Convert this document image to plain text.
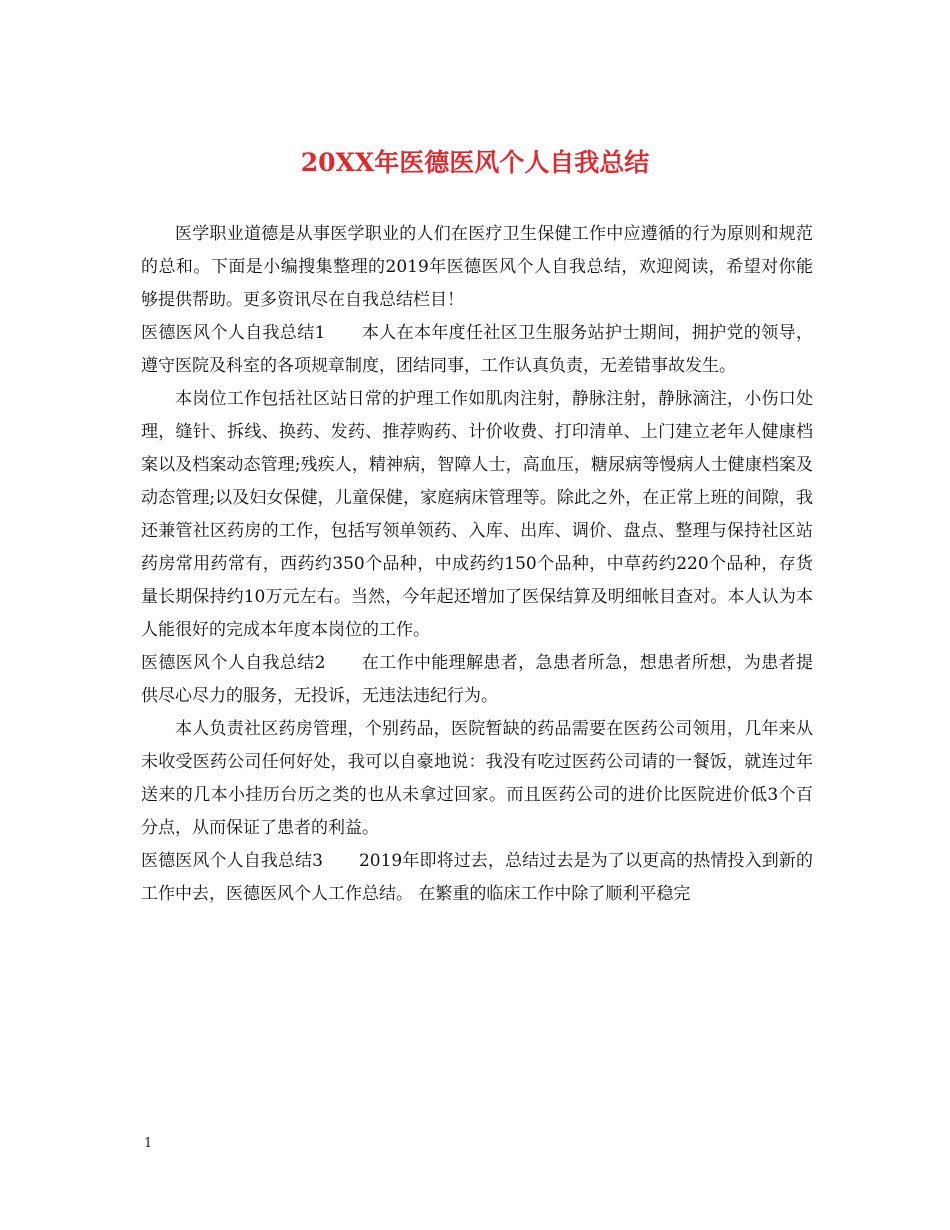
20XX年医德医风个人自我总结

医学职业道德是从事医学职业的人们在医疗卫生保健工作中应遵循的行为原则和规范的总和。下面是小编搜集整理的2019年医德医风个人自我总结，欢迎阅读，希望对你能够提供帮助。更多资讯尽在自我总结栏目！

医德医风个人自我总结1 本人在本年度任社区卫生服务站护士期间，拥护党的领导，遵守医院及科室的各项规章制度，团结同事，工作认真负责，无差错事故发生。

本岗位工作包括社区站日常的护理工作如肌肉注射，静脉注射，静脉滴注，小伤口处理，缝针、拆线、换药、发药、推荐购药、计价收费、打印清单、上门建立老年人健康档案以及档案动态管理;残疾人，精神病，智障人士，高血压，糖尿病等慢病人士健康档案及动态管理;以及妇女保健，儿童保健，家庭病床管理等。除此之外，在正常上班的间隙，我还兼管社区药房的工作，包括写领单领药、入库、出库、调价、盘点、整理与保持社区站药房常用药常有，西药约350个品种，中成药约150个品种，中草药约220个品种，存货量长期保持约10万元左右。当然，今年起还增加了医保结算及明细帐目查对。本人认为本人能很好的完成本年度本岗位的工作。

医德医风个人自我总结2 在工作中能理解患者，急患者所急，想患者所想，为患者提供尽心尽力的服务，无投诉，无违法违纪行为。

本人负责社区药房管理，个别药品，医院暂缺的药品需要在医药公司领用，几年来从未收受医药公司任何好处，我可以自豪地说：我没有吃过医药公司请的一餐饭，就连过年送来的几本小挂历台历之类的也从未拿过回家。而且医药公司的进价比医院进价低3个百分点，从而保证了患者的利益。

医德医风个人自我总结3 2019年即将过去，总结过去是为了以更高的热情投入到新的工作中去，医德医风个人工作总结。 在繁重的临床工作中除了顺利平稳完

1
